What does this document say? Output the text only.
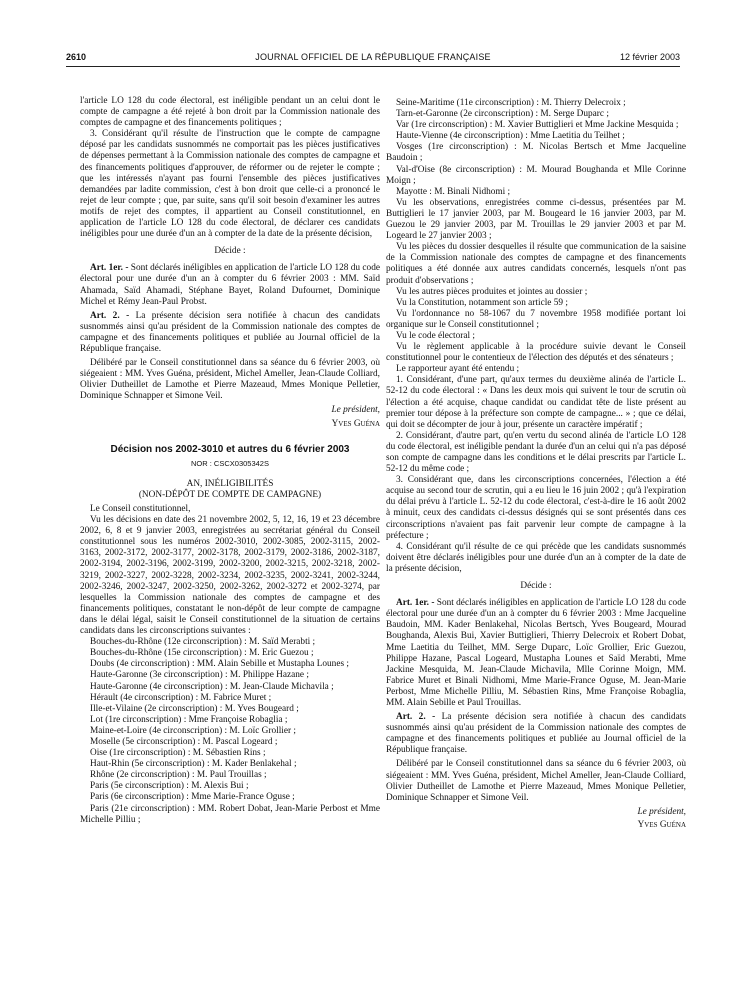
2610	JOURNAL OFFICIEL DE LA RÉPUBLIQUE FRANÇAISE	12 février 2003

l'article LO 128 du code électoral, est inéligible pendant un an celui dont le compte de campagne a été rejeté à bon droit par la Commission nationale des comptes de campagne et des financements politiques ;

3. Considérant qu'il résulte de l'instruction que le compte de campagne déposé par les candidats susnommés ne comportait pas les pièces justificatives de dépenses permettant à la Commission nationale des comptes de campagne et des financements politiques d'approuver, de réformer ou de rejeter le compte ; que les intéressés n'ayant pas fourni l'ensemble des pièces justificatives demandées par ladite commission, c'est à bon droit que celle-ci a prononcé le rejet de leur compte ; que, par suite, sans qu'il soit besoin d'examiner les autres motifs de rejet des comptes, il appartient au Conseil constitutionnel, en application de l'article LO 128 du code électoral, de déclarer ces candidats inéligibles pour une durée d'un an à compter de la date de la présente décision,

Décide :

Art. 1er. - Sont déclarés inéligibles en application de l'article LO 128 du code électoral pour une durée d'un an à compter du 6 février 2003 : MM. Saïd Ahamada, Saïd Ahamadi, Stéphane Bayet, Roland Dufournet, Dominique Michel et Rémy Jean-Paul Probst.

Art. 2. - La présente décision sera notifiée à chacun des candidats susnommés ainsi qu'au président de la Commission nationale des comptes de campagne et des financements politiques et publiée au Journal officiel de la République française.

Délibéré par le Conseil constitutionnel dans sa séance du 6 février 2003, où siégeaient : MM. Yves Guéna, président, Michel Ameller, Jean-Claude Colliard, Olivier Dutheillet de Lamothe et Pierre Mazeaud, Mmes Monique Pelletier, Dominique Schnapper et Simone Veil.

Le président,

Yves Guéna
Décision nos 2002-3010 et autres du 6 février 2003
NOR : CSCX0305342S
AN, INÉLIGIBILITÉS
(NON-DÉPÔT DE COMPTE DE CAMPAGNE)

Le Conseil constitutionnel,

Vu les décisions en date des 21 novembre 2002, 5, 12, 16, 19 et 23 décembre 2002, 6, 8 et 9 janvier 2003, enregistrées au secrétariat général du Conseil constitutionnel sous les numéros 2002-3010, 2002-3085, 2002-3115, 2002-3163, 2002-3172, 2002-3177, 2002-3178, 2002-3179, 2002-3186, 2002-3187, 2002-3194, 2002-3196, 2002-3199, 2002-3200, 2002-3215, 2002-3218, 2002-3219, 2002-3227, 2002-3228, 2002-3234, 2002-3235, 2002-3241, 2002-3244, 2002-3246, 2002-3247, 2002-3250, 2002-3262, 2002-3272 et 2002-3274, par lesquelles la Commission nationale des comptes de campagne et des financements politiques, constatant le non-dépôt de leur compte de campagne dans le délai légal, saisit le Conseil constitutionnel de la situation de certains candidats dans les circonscriptions suivantes :

Bouches-du-Rhône (12e circonscription) : M. Saïd Merabti ;

Bouches-du-Rhône (15e circonscription) : M. Eric Guezou ;

Doubs (4e circonscription) : MM. Alain Sebille et Mustapha Lounes ;

Haute-Garonne (3e circonscription) : M. Philippe Hazane ;

Haute-Garonne (4e circonscription) : M. Jean-Claude Michavila ;

Hérault (4e circonscription) : M. Fabrice Muret ;

Ille-et-Vilaine (2e circonscription) : M. Yves Bougeard ;

Lot (1re circonscription) : Mme Françoise Robaglia ;

Maine-et-Loire (4e circonscription) : M. Loïc Grollier ;

Moselle (5e circonscription) : M. Pascal Logeard ;

Oise (1re circonscription) : M. Sébastien Rins ;

Haut-Rhin (5e circonscription) : M. Kader Benlakehal ;

Rhône (2e circonscription) : M. Paul Trouillas ;

Paris (5e circonscription) : M. Alexis Bui ;

Paris (6e circonscription) : Mme Marie-France Oguse ;

Paris (21e circonscription) : MM. Robert Dobat, Jean-Marie Perbost et Mme Michelle Pilliu ;

Seine-Maritime (11e circonscription) : M. Thierry Delecroix ;

Tarn-et-Garonne (2e circonscription) : M. Serge Duparc ;

Var (1re circonscription) : M. Xavier Buttiglieri et Mme Jackine Mesquida ;

Haute-Vienne (4e circonscription) : Mme Laetitia du Teilhet ;

Vosges (1re circonscription) : M. Nicolas Bertsch et Mme Jacqueline Baudoin ;

Val-d'Oise (8e circonscription) : M. Mourad Boughanda et Mlle Corinne Moign ;

Mayotte : M. Binali Nidhomi ;

Vu les observations, enregistrées comme ci-dessus, présentées par M. Buttiglieri le 17 janvier 2003, par M. Bougeard le 16 janvier 2003, par M. Guezou le 29 janvier 2003, par M. Trouillas le 29 janvier 2003 et par M. Logeard le 27 janvier 2003 ;

Vu les pièces du dossier desquelles il résulte que communication de la saisine de la Commission nationale des comptes de campagne et des financements politiques a été donnée aux autres candidats concernés, lesquels n'ont pas produit d'observations ;

Vu les autres pièces produites et jointes au dossier ;

Vu la Constitution, notamment son article 59 ;

Vu l'ordonnance no 58-1067 du 7 novembre 1958 modifiée portant loi organique sur le Conseil constitutionnel ;

Vu le code électoral ;

Vu le règlement applicable à la procédure suivie devant le Conseil constitutionnel pour le contentieux de l'élection des députés et des sénateurs ;

Le rapporteur ayant été entendu ;

1. Considérant, d'une part, qu'aux termes du deuxième alinéa de l'article L. 52-12 du code électoral : « Dans les deux mois qui suivent le tour de scrutin où l'élection a été acquise, chaque candidat ou candidat tête de liste présent au premier tour dépose à la préfecture son compte de campagne... » ; que ce délai, qui doit se décompter de jour à jour, présente un caractère impératif ;

2. Considérant, d'autre part, qu'en vertu du second alinéa de l'article LO 128 du code électoral, est inéligible pendant la durée d'un an celui qui n'a pas déposé son compte de campagne dans les conditions et le délai prescrits par l'article L. 52-12 du même code ;

3. Considérant que, dans les circonscriptions concernées, l'élection a été acquise au second tour de scrutin, qui a eu lieu le 16 juin 2002 ; qu'à l'expiration du délai prévu à l'article L. 52-12 du code électoral, c'est-à-dire le 16 août 2002 à minuit, ceux des candidats ci-dessus désignés qui se sont présentés dans ces circonscriptions n'avaient pas fait parvenir leur compte de campagne à la préfecture ;

4. Considérant qu'il résulte de ce qui précède que les candidats susnommés doivent être déclarés inéligibles pour une durée d'un an à compter de la date de la présente décision,

Décide :

Art. 1er. - Sont déclarés inéligibles en application de l'article LO 128 du code électoral pour une durée d'un an à compter du 6 février 2003 : Mme Jacqueline Baudoin, MM. Kader Benlakehal, Nicolas Bertsch, Yves Bougeard, Mourad Boughanda, Alexis Bui, Xavier Buttiglieri, Thierry Delecroix et Robert Dobat, Mme Laetitia du Teilhet, MM. Serge Duparc, Loïc Grollier, Eric Guezou, Philippe Hazane, Pascal Logeard, Mustapha Lounes et Saïd Merabti, Mme Jackine Mesquida, M. Jean-Claude Michavila, Mlle Corinne Moign, MM. Fabrice Muret et Binali Nidhomi, Mme Marie-France Oguse, M. Jean-Marie Perbost, Mme Michelle Pilliu, M. Sébastien Rins, Mme Françoise Robaglia, MM. Alain Sebille et Paul Trouillas.

Art. 2. - La présente décision sera notifiée à chacun des candidats susnommés ainsi qu'au président de la Commission nationale des comptes de campagne et des financements politiques et publiée au Journal officiel de la République française.

Délibéré par le Conseil constitutionnel dans sa séance du 6 février 2003, où siégeaient : MM. Yves Guéna, président, Michel Ameller, Jean-Claude Colliard, Olivier Dutheillet de Lamothe et Pierre Mazeaud, Mmes Monique Pelletier, Dominique Schnapper et Simone Veil.

Le président,

Yves Guéna
